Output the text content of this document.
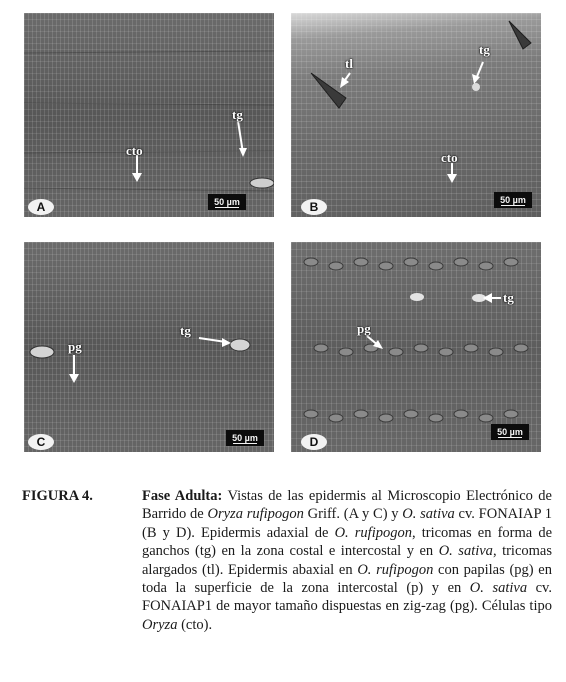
tg
cto
A	50 µm
tl
tg
cto
B	50 µm
tg
pg
C	50 µm
tg
pg
D
50 µm
FIGURA 4.	Fase Adulta: Vistas de las epidermis al Microscopio Electrónico de Barrido de Oryza rufipogon Griff. (A y C) y O. sativa cv. FONAIAP 1 (B y D). Epidermis adaxial de O. rufipogon, tricomas en forma de ganchos (tg) en la zona costal e intercostal y en O. sativa, tricomas alargados (tl). Epidermis abaxial en O. rufipogon con papilas (pg) en toda la superficie de la zona intercostal (p) y en O. sativa cv. FONAIAP1 de mayor tamaño dispuestas en zig-zag (pg). Células tipo Oryza (cto).
